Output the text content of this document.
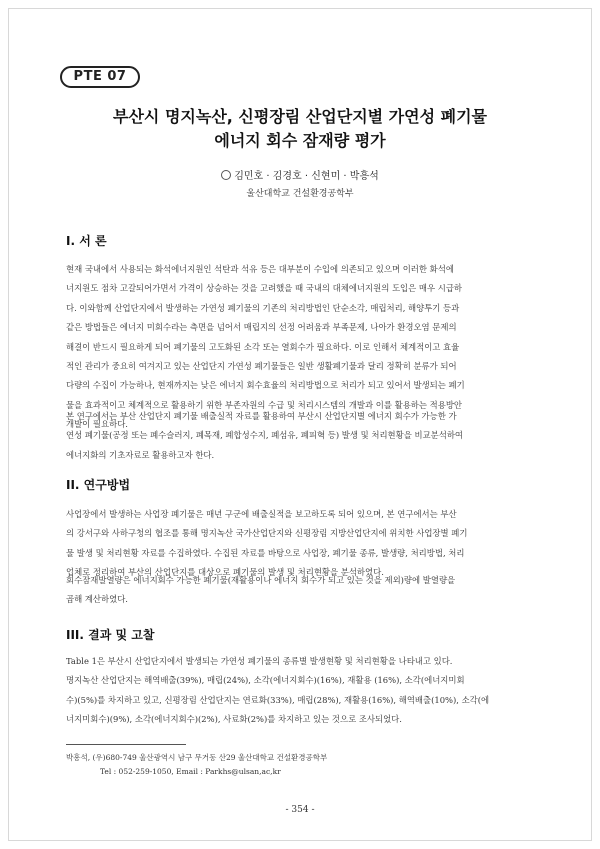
PTE 07
부산시 명지녹산, 신평장림 산업단지별 가연성 폐기물
에너지 회수 잠재량 평가
김민호 · 김경호 · 신현미 · 박흥석
울산대학교 건설환경공학부
I. 서 론
현재 국내에서 사용되는 화석에너지원인 석탄과 석유 등은 대부분이 수입에 의존되고 있으며 이러한 화석에
너지원도 점차 고갈되어가면서 가격이 상승하는 것을 고려했을 때 국내의 대체에너지원의 도입은 매우 시급하
다. 이와함께 산업단지에서 발생하는 가연성 폐기물의 기존의 처리방법인 단순소각, 매립처리, 해양투기 등과
같은 방법들은 에너지 미회수라는 측면을 넘어서 매립지의 선정 어려움과 부족문제, 나아가 환경오염 문제의
해결이 반드시 필요하게 되어 폐기물의 고도화된 소각 또는 열회수가 필요하다. 이로 인해서 체계적이고 효율
적인 관리가 중요히 여겨지고 있는 산업단지 가연성 폐기물들은 일반 생활폐기물과 달리 정확히 분류가 되어
다량의 수집이 가능하나, 현재까지는 낮은 에너지 회수효율의 처리방법으로 처리가 되고 있어서 발생되는 폐기
물을 효과적이고 체계적으로 활용하기 위한 부존자원의 수급 및 처리시스템의 개발과 이를 활용하는 적용방안
개발이 필요하다.
본 연구에서는 부산 산업단지 폐기물 배출실적 자료를 활용하여 부산시 산업단지별 에너지 회수가 가능한 가
연성 폐기물(공정 또는 폐수슬러지, 폐목재, 폐합성수지, 폐섬유, 폐피혁 등) 발생 및 처리현황을 비교분석하여
에너지화의 기초자료로 활용하고자 한다.
II. 연구방법
사업장에서 발생하는 사업장 폐기물은 매년 구군에 배출실적을 보고하도록 되어 있으며, 본 연구에서는 부산
의 강서구와 사하구청의 협조를 통해 명지녹산 국가산업단지와 신평장림 지방산업단지에 위치한 사업장별 폐기
물 발생 및 처리현황 자료를 수집하였다. 수집된 자료를 바탕으로 사업장, 폐기물 종류, 발생량, 처리방법, 처리
업체로 정리하여 부산의 산업단지를 대상으로 폐기물의 발생 및 처리현황을 분석하였다.
회수잠재발열량은 에너지회수 가능한 폐기물(재활용이나 에너지 회수가 되고 있는 것을 제외)량에 발열량을
곱해 계산하였다.
III. 결과 및 고찰
Table 1은 부산시 산업단지에서 발생되는 가연성 폐기물의 종류별 발생현황 및 처리현황을 나타내고 있다.
명지녹산 산업단지는 해역배출(39%), 매립(24%), 소각(에너지회수)(16%), 재활용 (16%), 소각(에너지미회
수)(5%)를 차지하고 있고, 신평장림 산업단지는 연료화(33%), 매립(28%), 재활용(16%), 해역배출(10%), 소각(에
너지미회수)(9%), 소각(에너지회수)(2%), 사료화(2%)를 차지하고 있는 것으로 조사되었다.
박흥석, (우)680-749 울산광역시 남구 무거동 산29 울산대학교 건설환경공학부
Tel : 052-259-1050, Email : Parkhs@ulsan,ac,kr
- 354 -
